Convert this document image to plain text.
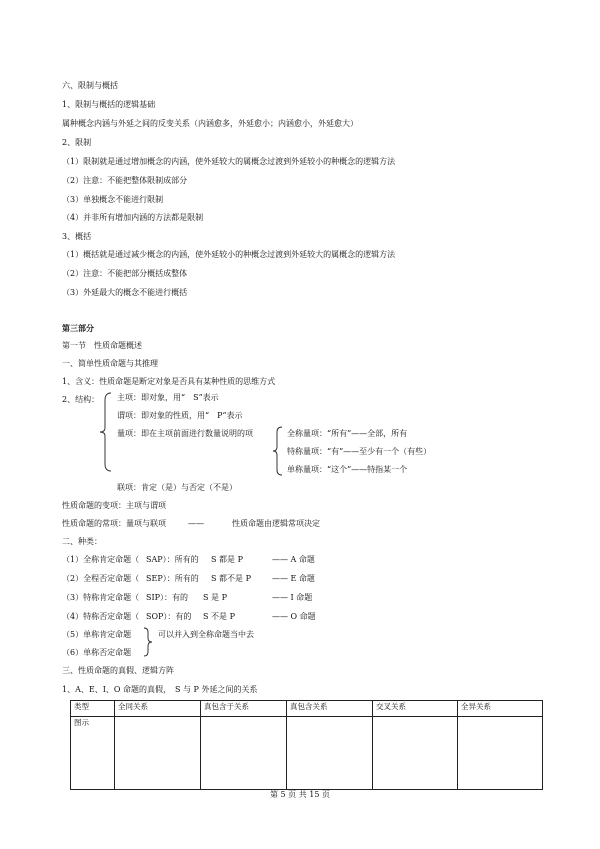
六、限制与概括
1、限制与概括的逻辑基础
属种概念内涵与外延之间的反变关系（内涵愈多，外延愈小；内涵愈小，外延愈大）
2、限制
（1）限制就是通过增加概念的内涵，使外延较大的属概念过渡到外延较小的种概念的逻辑方法
（2）注意：不能把整体限制成部分
（3）单独概念不能进行限制
（4）并非所有增加内涵的方法都是限制
3、概括
（1）概括就是通过减少概念的内涵，使外延较小的种概念过渡到外延较大的属概念的逻辑方法
（2）注意：不能把部分概括成整体
（3）外延最大的概念不能进行概括
第三部分
第一节　性质命题概述
一、简单性质命题与其推理
1、含义：性质命题是断定对象是否具有某种性质的思维方式
2、结构： 主项：即对象，用“　S”表示
谓项：即对象的性质，用“　P”表示
量项：即在主项前面进行数量说明的项	全称量项：“所有”——全部，所有
特称量项：“有”——至少有一个（有些）
单称量项：“这个”——特指某一个
联项：肯定（是）与否定（不是）
性质命题的变项：主项与谓项
性质命题的常项：量项与联项	——	性质命题由逻辑常项决定
二、种类：
（1）全称肯定命题（ SAP）：所有的 S 都是 P	—— A 命题
（2）全程否定命题（ SEP）：所有的 S 都不是 P	—— E 命题
（3）特称肯定命题（ SIP）：有的 S 是 P	—— I 命题
（4）特称否定命题（ SOP）：有的 S 不是 P	—— O 命题
（5）单称肯定命题
（6）单称否定命题
可以并入到全称命题当中去
三、性质命题的真假、逻辑方阵
1、A、E、I、O 命题的真假，　S 与 P 外延之间的关系
类型	全同关系	真包含于关系	真包含关系	交叉关系	全异关系
图示					
第 5 页 共 15 页
